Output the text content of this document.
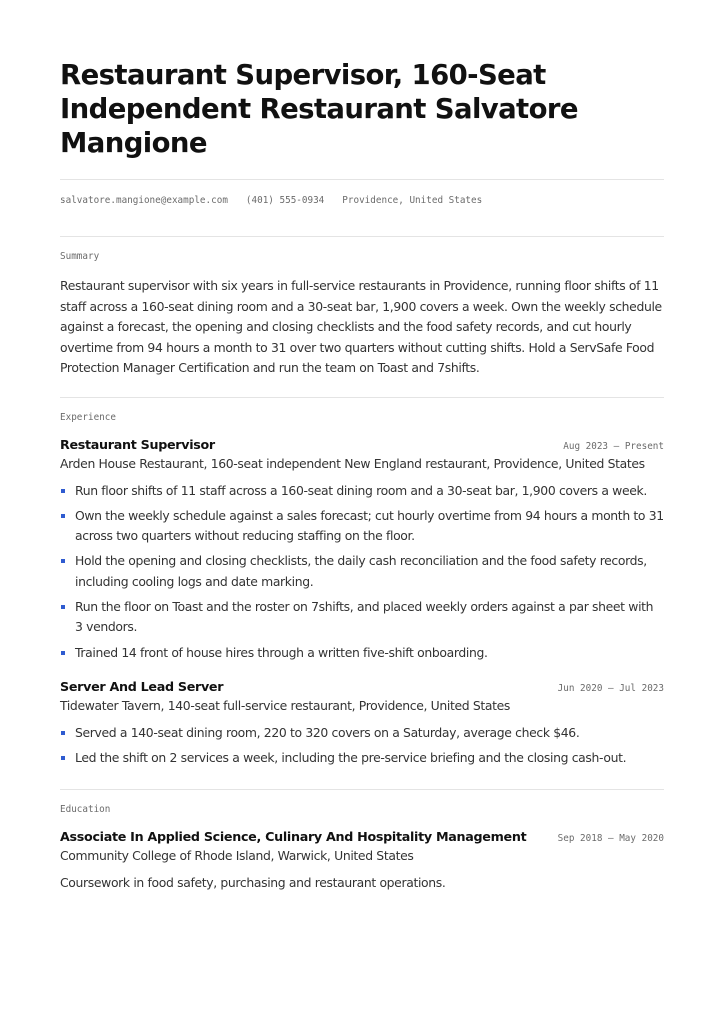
Restaurant Supervisor, 160-Seat Independent Restaurant Salvatore Mangione
salvatore.mangione@example.com (401) 555-0934 Providence, United States
Summary

Restaurant supervisor with six years in full-service restaurants in Providence, running floor shifts of 11 staff across a 160-seat dining room and a 30-seat bar, 1,900 covers a week. Own the weekly schedule against a forecast, the opening and closing checklists and the food safety records, and cut hourly overtime from 94 hours a month to 31 over two quarters without cutting shifts. Hold a ServSafe Food Protection Manager Certification and run the team on Toast and 7shifts.

Experience
Restaurant Supervisor	Aug 2023 – Present
Arden House Restaurant, 160-seat independent New England restaurant, Providence, United States
Run floor shifts of 11 staff across a 160-seat dining room and a 30-seat bar, 1,900 covers a week.
Own the weekly schedule against a sales forecast; cut hourly overtime from 94 hours a month to 31 across two quarters without reducing staffing on the floor.
Hold the opening and closing checklists, the daily cash reconciliation and the food safety records, including cooling logs and date marking.
Run the floor on Toast and the roster on 7shifts, and placed weekly orders against a par sheet with 3 vendors.
Trained 14 front of house hires through a written five-shift onboarding.
Server And Lead Server	Jun 2020 – Jul 2023
Tidewater Tavern, 140-seat full-service restaurant, Providence, United States
Served a 140-seat dining room, 220 to 320 covers on a Saturday, average check $46.
Led the shift on 2 services a week, including the pre-service briefing and the closing cash-out.
Education
Associate In Applied Science, Culinary And Hospitality Management	Sep 2018 – May 2020
Community College of Rhode Island, Warwick, United States
Coursework in food safety, purchasing and restaurant operations.
